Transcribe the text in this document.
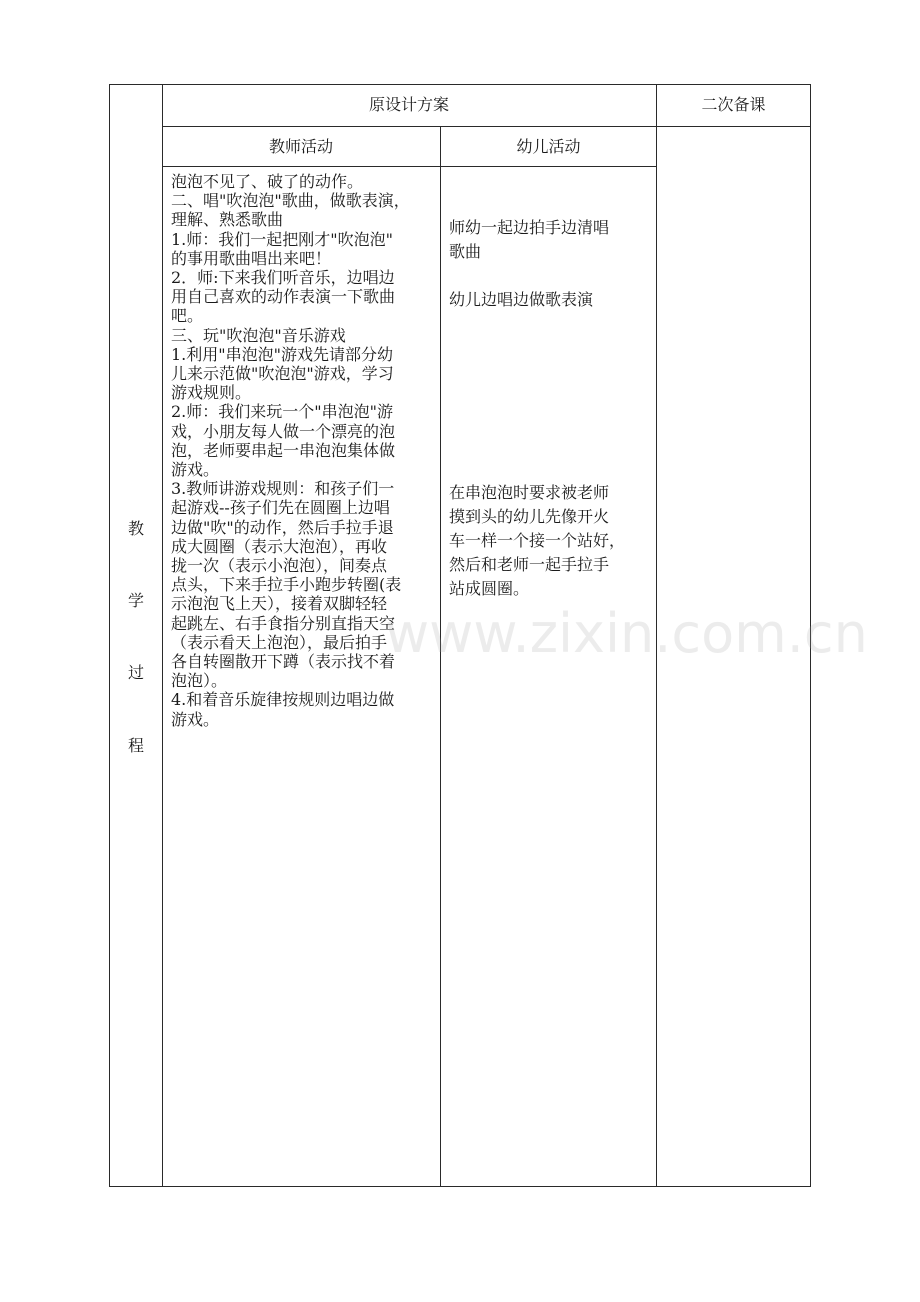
原设计方案	二次备课
教师活动	幼儿活动
教
学
过
程

泡泡不见了、破了的动作。

二、唱"吹泡泡"歌曲，做歌表演，

理解、熟悉歌曲

1.师：我们一起把刚才"吹泡泡"

的事用歌曲唱出来吧！

2．师:下来我们听音乐，边唱边

用自己喜欢的动作表演一下歌曲

吧。

三、玩"吹泡泡"音乐游戏

1.利用"串泡泡"游戏先请部分幼

儿来示范做"吹泡泡"游戏，学习

游戏规则。

2.师：我们来玩一个"串泡泡"游

戏，小朋友每人做一个漂亮的泡

泡，老师要串起一串泡泡集体做

游戏。

3.教师讲游戏规则：和孩子们一

起游戏--孩子们先在圆圈上边唱

边做"吹"的动作，然后手拉手退

成大圆圈（表示大泡泡），再收

拢一次（表示小泡泡），间奏点

点头，下来手拉手小跑步转圈(表

示泡泡飞上天），接着双脚轻轻

起跳左、右手食指分别直指天空

（表示看天上泡泡），最后拍手

各自转圈散开下蹲（表示找不着

泡泡）。

4.和着音乐旋律按规则边唱边做

游戏。

师幼一起边拍手边清唱

歌曲

幼儿边唱边做歌表演

在串泡泡时要求被老师

摸到头的幼儿先像开火

车一样一个接一个站好，

然后和老师一起手拉手

站成圆圈。

www.zixin.com.cn
